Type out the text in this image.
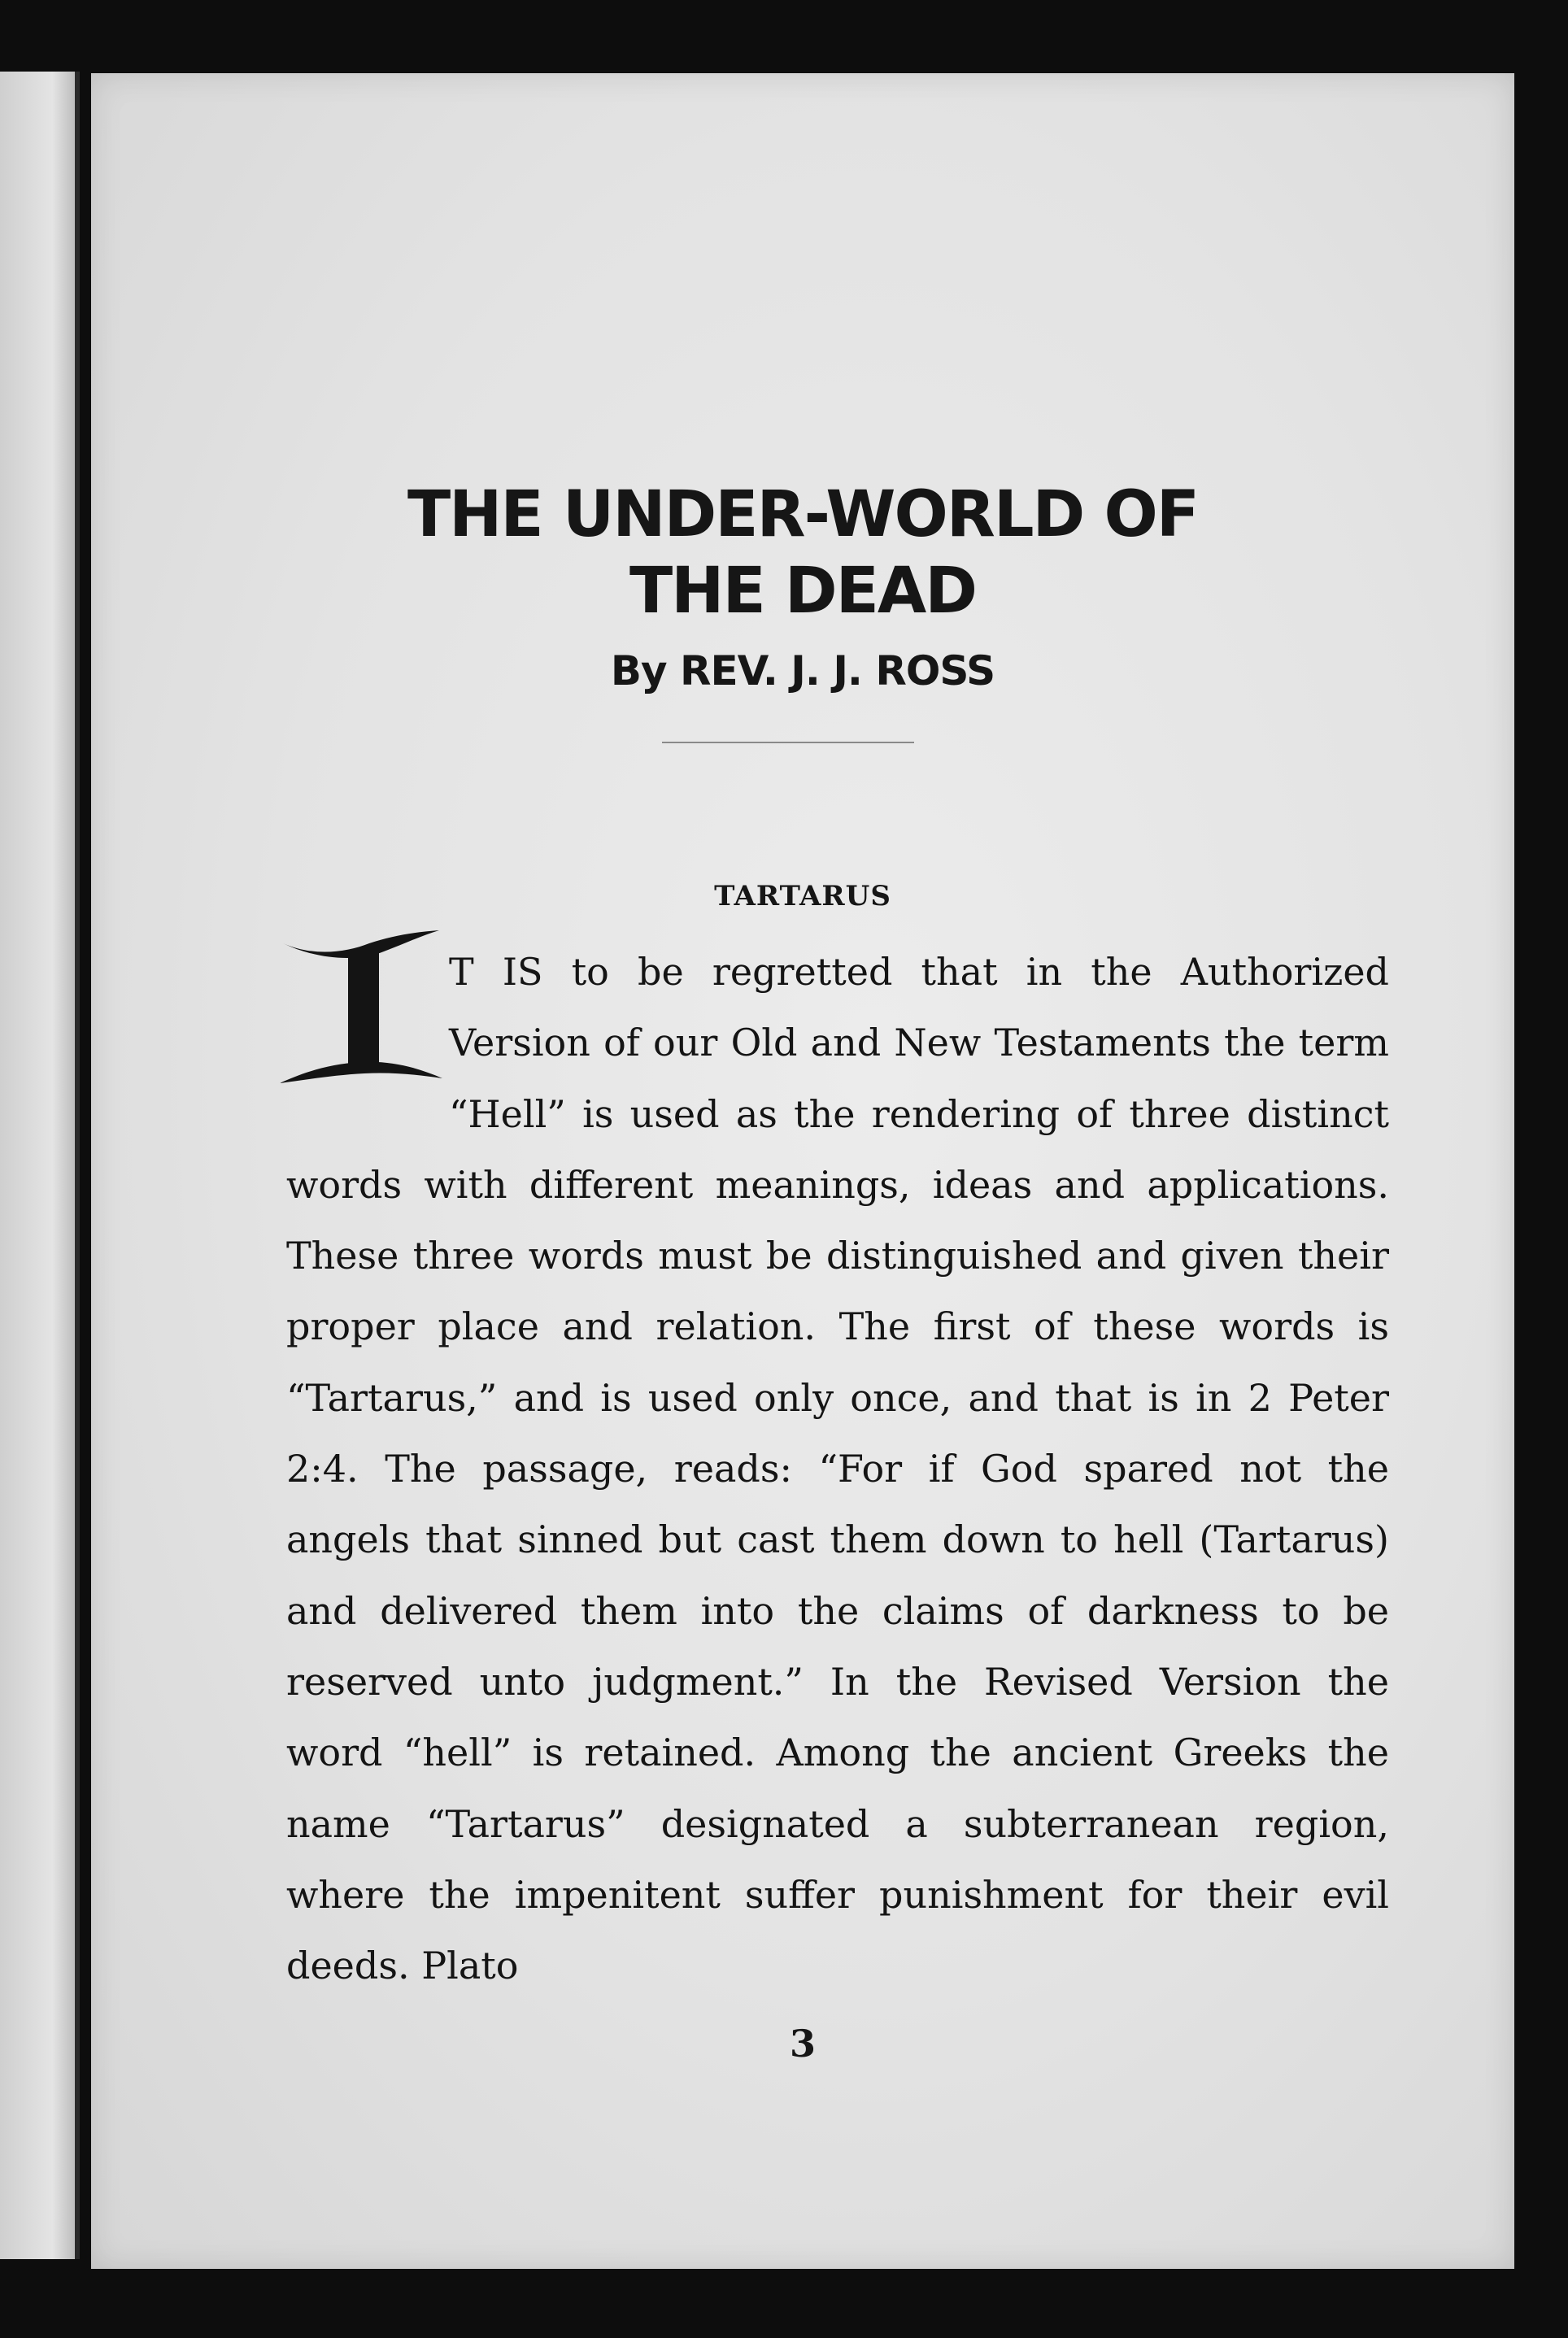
THE UNDER-WORLD OF
THE DEAD
By REV. J. J. ROSS
TARTARUS
T IS to be regretted that in the Authorized Version of our Old and New Testaments the term “Hell” is used as the rendering of three distinct words with different meanings, ideas and applications. These three words must be distinguished and given their proper place and relation. The first of these words is “Tartarus,” and is used only once, and that is in 2 Peter 2:4. The passage, reads: “For if God spared not the angels that sinned but cast them down to hell (Tartarus) and delivered them into the claims of darkness to be reserved unto judgment.” In the Revised Version the word “hell” is retained. Among the ancient Greeks the name “Tartarus” designated a subterranean region, where the impenitent suffer punishment for their evil deeds. Plato
3
